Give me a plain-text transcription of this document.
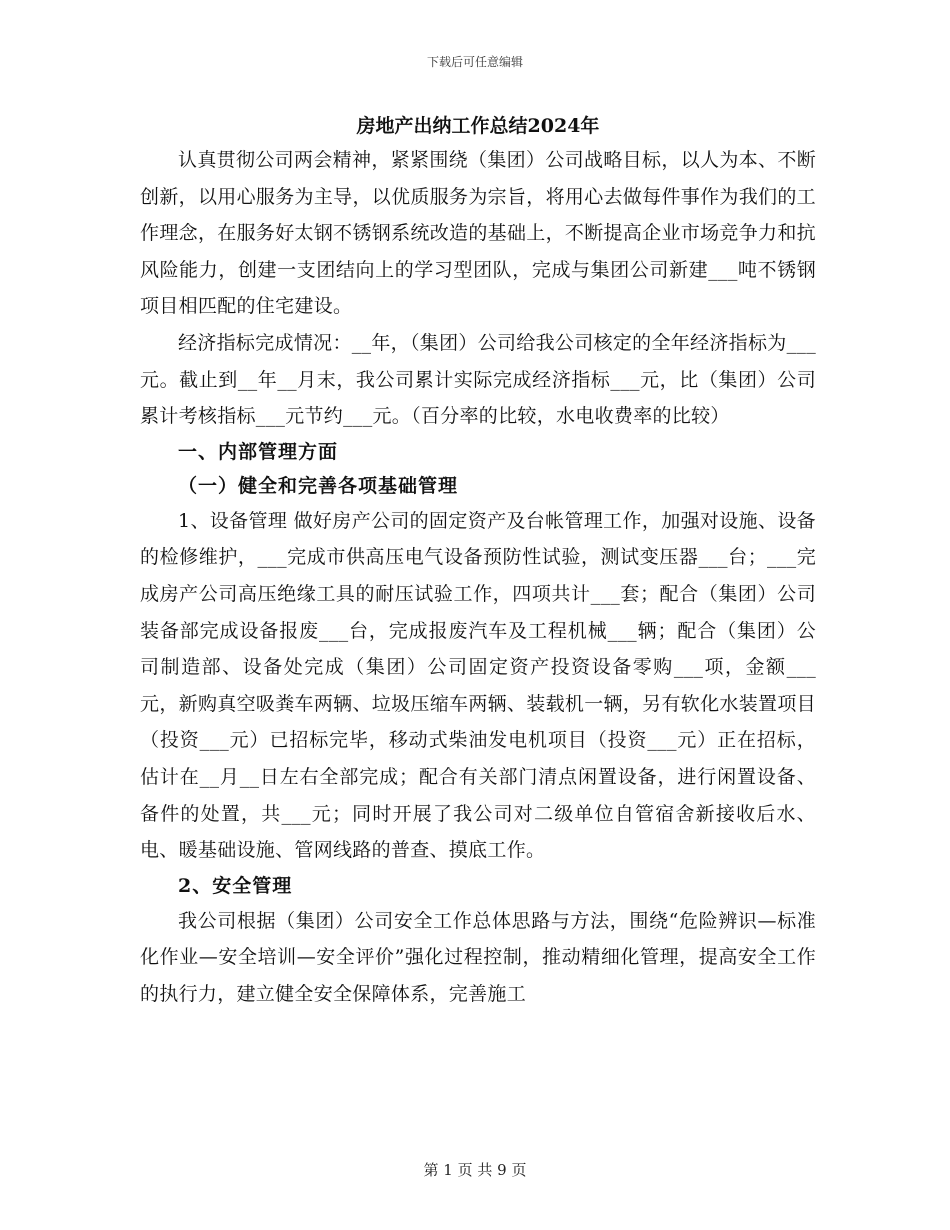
下载后可任意编辑

房地产出纳工作总结2024年

认真贯彻公司两会精神，紧紧围绕（集团）公司战略目标，以人为本、不断创新，以用心服务为主导，以优质服务为宗旨，将用心去做每件事作为我们的工作理念，在服务好太钢不锈钢系统改造的基础上，不断提高企业市场竞争力和抗风险能力，创建一支团结向上的学习型团队，完成与集团公司新建___吨不锈钢项目相匹配的住宅建设。

经济指标完成情况：__年，（集团）公司给我公司核定的全年经济指标为___元。截止到__年__月末，我公司累计实际完成经济指标___元，比（集团）公司累计考核指标___元节约___元。（百分率的比较，水电收费率的比较）

一、内部管理方面

（一）健全和完善各项基础管理

1、设备管理 做好房产公司的固定资产及台帐管理工作，加强对设施、设备的检修维护，___完成市供高压电气设备预防性试验，测试变压器___台；___完成房产公司高压绝缘工具的耐压试验工作，四项共计___套；配合（集团）公司装备部完成设备报废___台，完成报废汽车及工程机械___辆；配合（集团）公司制造部、设备处完成（集团）公司固定资产投资设备零购___项，金额___元，新购真空吸粪车两辆、垃圾压缩车两辆、装载机一辆，另有软化水装置项目（投资___元）已招标完毕，移动式柴油发电机项目（投资___元）正在招标，估计在__月__日左右全部完成；配合有关部门清点闲置设备，进行闲置设备、备件的处置，共___元；同时开展了我公司对二级单位自管宿舍新接收后水、电、暖基础设施、管网线路的普查、摸底工作。

2、安全管理

我公司根据（集团）公司安全工作总体思路与方法，围绕“危险辨识—标准化作业—安全培训—安全评价”强化过程控制，推动精细化管理，提高安全工作的执行力，建立健全安全保障体系，完善施工

第 1 页 共 9 页
